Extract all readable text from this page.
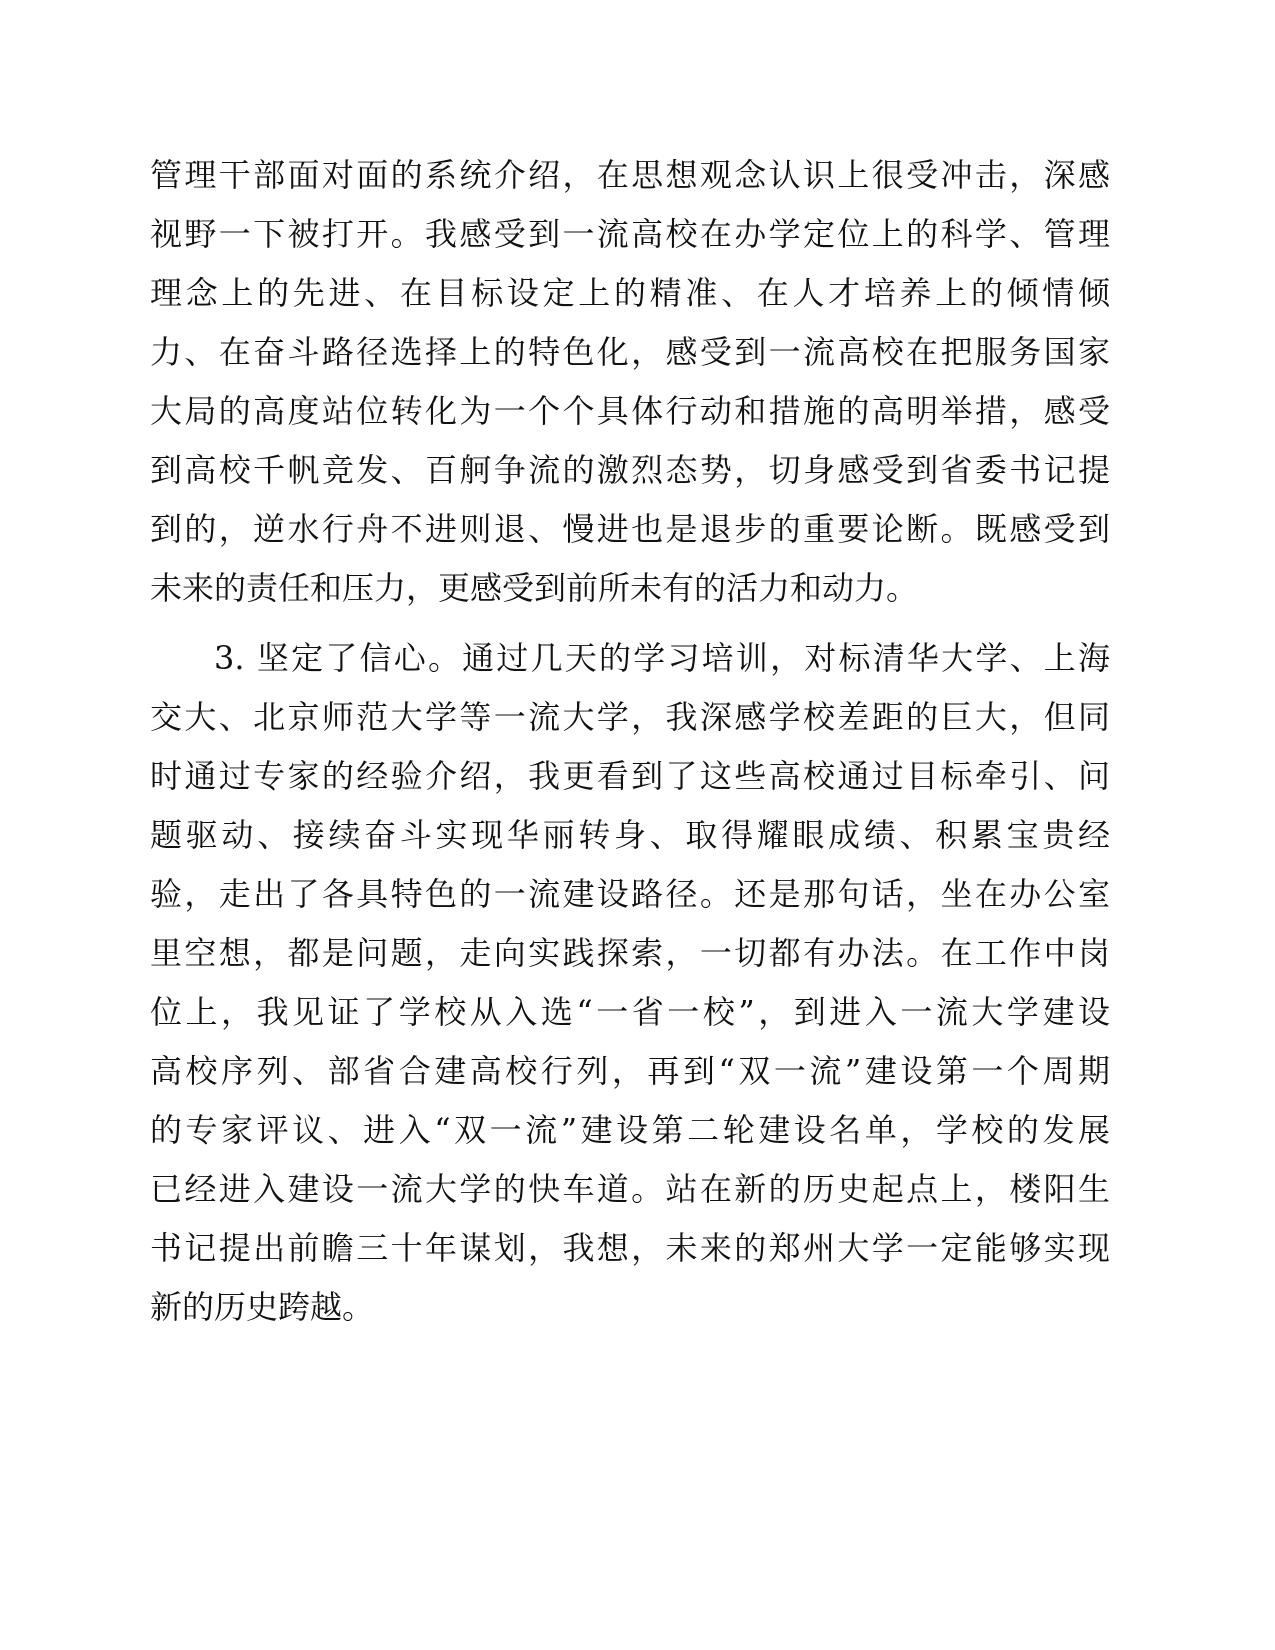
管理干部面对面的系统介绍，在思想观念认识上很受冲击，深感
视野一下被打开。我感受到一流高校在办学定位上的科学、管理
理念上的先进、在目标设定上的精准、在人才培养上的倾情倾
力、在奋斗路径选择上的特色化，感受到一流高校在把服务国家
大局的高度站位转化为一个个具体行动和措施的高明举措，感受
到高校千帆竞发、百舸争流的激烈态势，切身感受到省委书记提
到的，逆水行舟不进则退、慢进也是退步的重要论断。既感受到
未来的责任和压力，更感受到前所未有的活力和动力。
3. 坚定了信心。通过几天的学习培训，对标清华大学、上海
交大、北京师范大学等一流大学，我深感学校差距的巨大，但同
时通过专家的经验介绍，我更看到了这些高校通过目标牵引、问
题驱动、接续奋斗实现华丽转身、取得耀眼成绩、积累宝贵经
验，走出了各具特色的一流建设路径。还是那句话，坐在办公室
里空想，都是问题，走向实践探索，一切都有办法。在工作中岗
位上，我见证了学校从入选“一省一校”，到进入一流大学建设
高校序列、部省合建高校行列，再到“双一流”建设第一个周期
的专家评议、进入“双一流”建设第二轮建设名单，学校的发展
已经进入建设一流大学的快车道。站在新的历史起点上，楼阳生
书记提出前瞻三十年谋划，我想，未来的郑州大学一定能够实现
新的历史跨越。
